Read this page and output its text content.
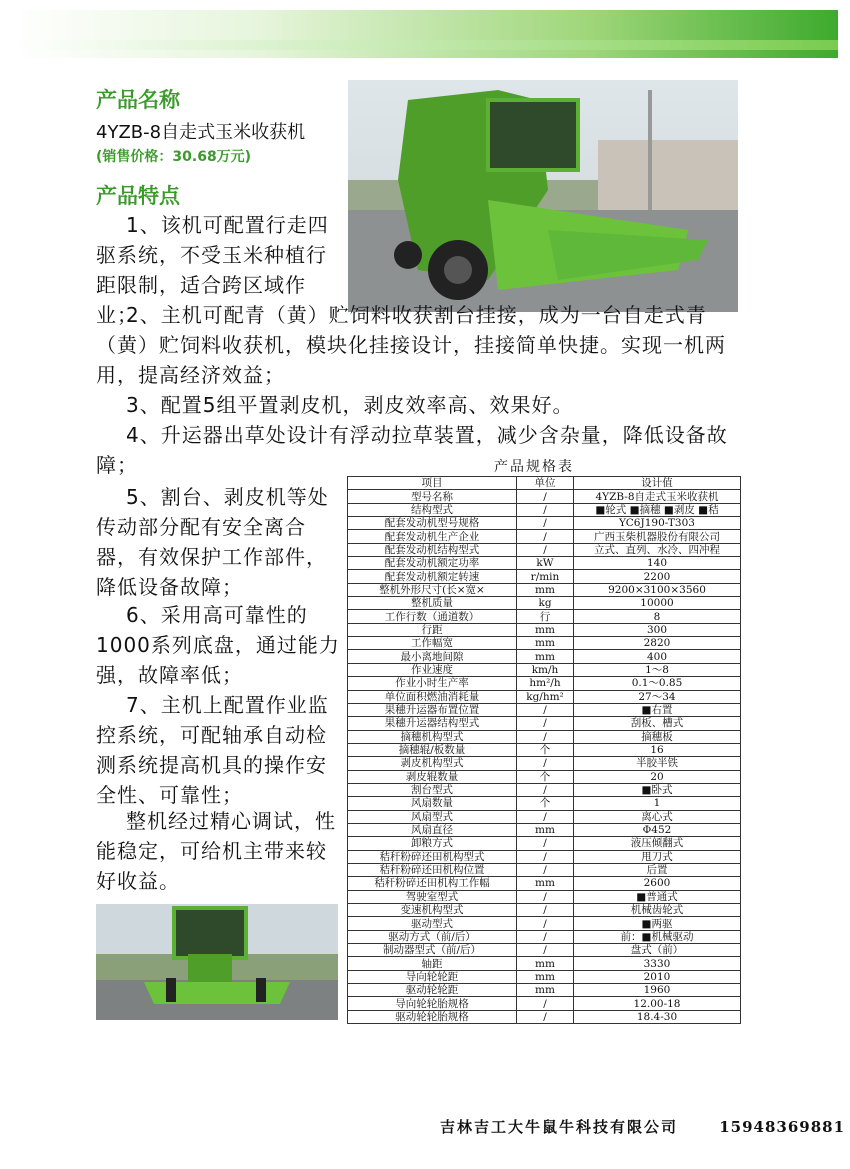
产品名称
4YZB-8自走式玉米收获机
(销售价格：30.68万元)
产品特点
1、该机可配置行走四驱系统，不受玉米种植行距限制，适合跨区域作业；
2、主机可配青（黄）贮饲料收获割台挂接，成为一台自走式青（黄）贮饲料收获机，模块化挂接设计，挂接简单快捷。实现一机两用，提高经济效益；
3、配置5组平置剥皮机，剥皮效率高、效果好。
4、升运器出草处设计有浮动拉草装置，减少含杂量，降低设备故障；
5、割台、剥皮机等处传动部分配有安全离合器，有效保护工作部件，降低设备故障；
6、采用高可靠性的1000系列底盘，通过能力强，故障率低；
7、主机上配置作业监控系统，可配轴承自动检测系统提高机具的操作安全性、可靠性；
整机经过精心调试，性能稳定，可给机主带来较好收益。
产品规格表
项目	单位	设计值
型号名称	/	4YZB-8自走式玉米收获机
结构型式	/	■轮式 ■摘穗 ■剥皮 ■秸
配套发动机型号规格	/	YC6J190-T303
配套发动机生产企业	/	广西玉柴机器股份有限公司
配套发动机结构型式	/	立式、直列、水冷、四冲程
配套发动机额定功率	kW	140
配套发动机额定转速	r/min	2200
整机外形尺寸(长×宽×	mm	9200×3100×3560
整机质量	kg	10000
工作行数（通道数）	行	8
行距	mm	300
工作幅宽	mm	2820
最小离地间隙	mm	400
作业速度	km/h	1～8
作业小时生产率	hm²/h	0.1～0.85
单位面积燃油消耗量	kg/hm²	27～34
果穗升运器布置位置	/	■右置
果穗升运器结构型式	/	刮板、槽式
摘穗机构型式	/	摘穗板
摘穗辊/板数量	个	16
剥皮机构型式	/	半胶半铁
剥皮辊数量	个	20
割台型式	/	■卧式
风扇数量	个	1
风扇型式	/	离心式
风扇直径	mm	Φ452
卸粮方式	/	液压倾翻式
秸秆粉碎还田机构型式	/	甩刀式
秸秆粉碎还田机构位置	/	后置
秸秆粉碎还田机构工作幅	mm	2600
驾驶室型式	/	■普通式
变速机构型式	/	机械齿轮式
驱动型式	/	■两驱
驱动方式（前/后）	/	前：■机械驱动
制动器型式（前/后）	/	盘式（前）
轴距	mm	3330
导向轮轮距	mm	2010
驱动轮轮距	mm	1960
导向轮轮胎规格	/	12.00-18
驱动轮轮胎规格	/	18.4-30
吉林吉工大牛鼠牛科技有限公司	15948369881
